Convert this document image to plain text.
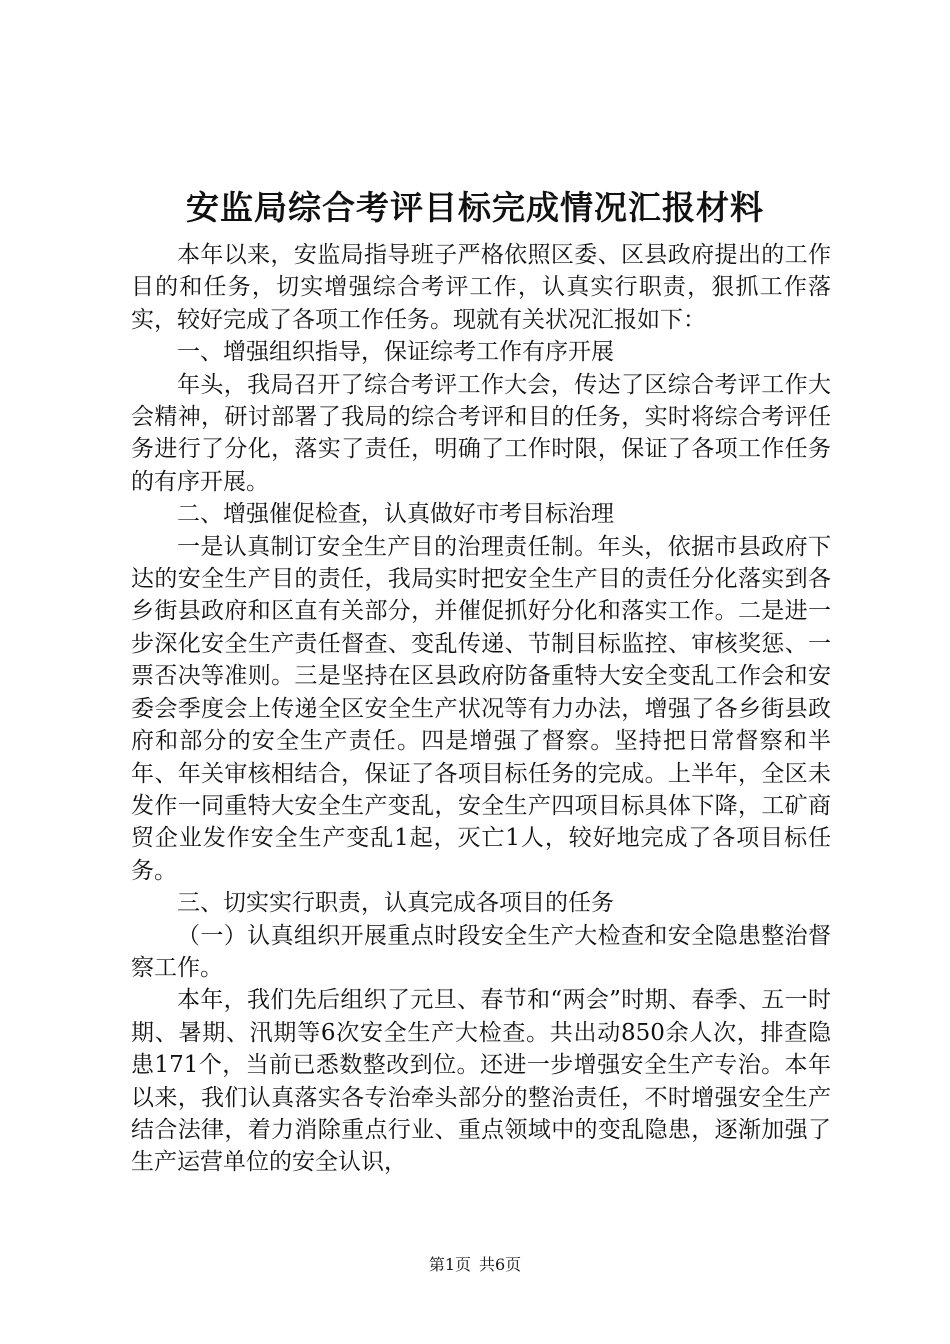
安监局综合考评目标完成情况汇报材料

本年以来，安监局指导班子严格依照区委、区县政府提出的工作目的和任务，切实增强综合考评工作，认真实行职责，狠抓工作落实，较好完成了各项工作任务。现就有关状况汇报如下：

一、增强组织指导，保证综考工作有序开展

年头，我局召开了综合考评工作大会，传达了区综合考评工作大会精神，研讨部署了我局的综合考评和目的任务，实时将综合考评任务进行了分化，落实了责任，明确了工作时限，保证了各项工作任务的有序开展。

二、增强催促检查，认真做好市考目标治理

一是认真制订安全生产目的治理责任制。年头，依据市县政府下达的安全生产目的责任，我局实时把安全生产目的责任分化落实到各乡街县政府和区直有关部分，并催促抓好分化和落实工作。二是进一步深化安全生产责任督查、变乱传递、节制目标监控、审核奖惩、一票否决等准则。三是坚持在区县政府防备重特大安全变乱工作会和安委会季度会上传递全区安全生产状况等有力办法，增强了各乡街县政府和部分的安全生产责任。四是增强了督察。坚持把日常督察和半年、年关审核相结合，保证了各项目标任务的完成。上半年，全区未发作一同重特大安全生产变乱，安全生产四项目标具体下降，工矿商贸企业发作安全生产变乱1起，灭亡1人，较好地完成了各项目标任务。

三、切实实行职责，认真完成各项目的任务

（一）认真组织开展重点时段安全生产大检查和安全隐患整治督察工作。

本年，我们先后组织了元旦、春节和“两会”时期、春季、五一时期、暑期、汛期等6次安全生产大检查。共出动850余人次，排查隐患171个，当前已悉数整改到位。还进一步增强安全生产专治。本年以来，我们认真落实各专治牵头部分的整治责任，不时增强安全生产结合法律，着力消除重点行业、重点领域中的变乱隐患，逐渐加强了生产运营单位的安全认识，

第1页 共6页
